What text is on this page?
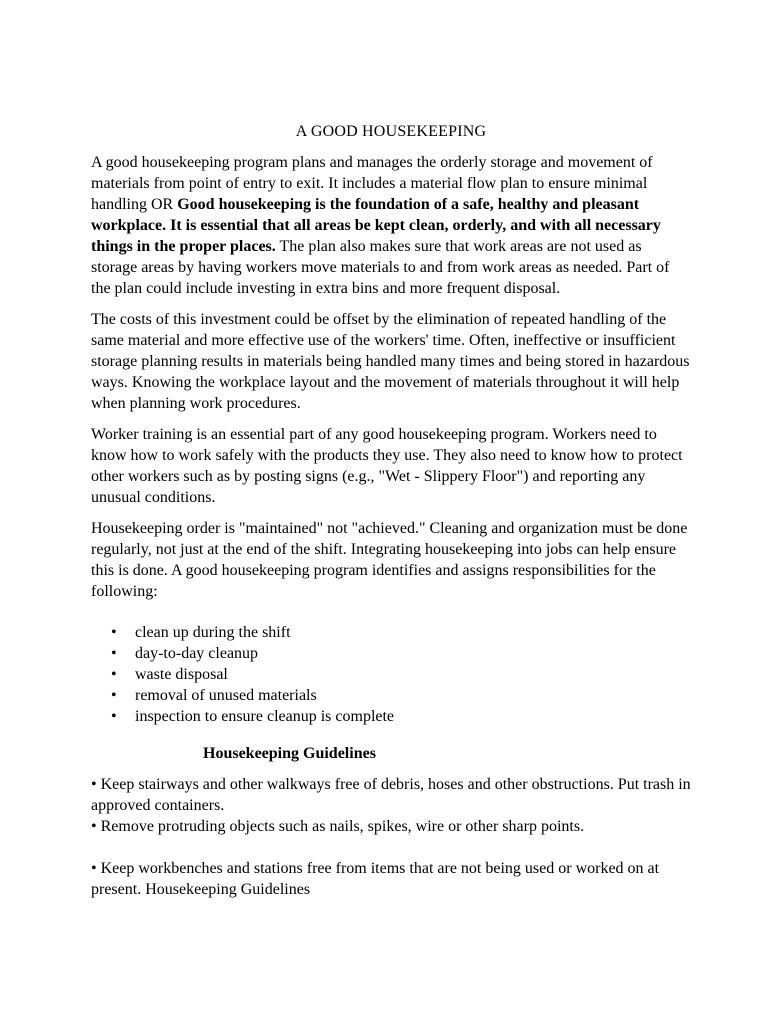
A GOOD HOUSEKEEPING

A good housekeeping program plans and manages the orderly storage and movement of materials from point of entry to exit. It includes a material flow plan to ensure minimal handling OR Good housekeeping is the foundation of a safe, healthy and pleasant workplace. It is essential that all areas be kept clean, orderly, and with all necessary things in the proper places. The plan also makes sure that work areas are not used as storage areas by having workers move materials to and from work areas as needed. Part of the plan could include investing in extra bins and more frequent disposal.

The costs of this investment could be offset by the elimination of repeated handling of the same material and more effective use of the workers' time. Often, ineffective or insufficient storage planning results in materials being handled many times and being stored in hazardous ways. Knowing the workplace layout and the movement of materials throughout it will help when planning work procedures.

Worker training is an essential part of any good housekeeping program. Workers need to know how to work safely with the products they use. They also need to know how to protect other workers such as by posting signs (e.g., "Wet - Slippery Floor") and reporting any unusual conditions.

Housekeeping order is "maintained" not "achieved." Cleaning and organization must be done regularly, not just at the end of the shift. Integrating housekeeping into jobs can help ensure this is done. A good housekeeping program identifies and assigns responsibilities for the following:

• clean up during the shift
• day-to-day cleanup
• waste disposal
• removal of unused materials
• inspection to ensure cleanup is complete
Housekeeping Guidelines

• Keep stairways and other walkways free of debris, hoses and other obstructions. Put trash in approved containers.

• Remove protruding objects such as nails, spikes, wire or other sharp points.

• Keep workbenches and stations free from items that are not being used or worked on at present. Housekeeping Guidelines
